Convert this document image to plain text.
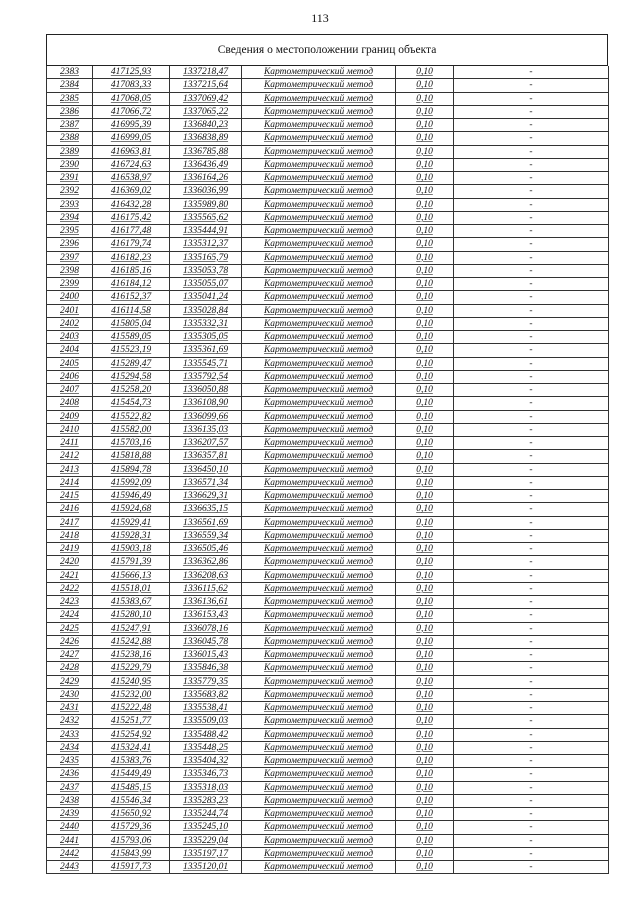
113
Сведения о местоположении границ объекта
2383	417125,93	1337218,47	Картометрический метод	0,10	-
2384	417083,33	1337215,64	Картометрический метод	0,10	-
2385	417068,05	1337069,42	Картометрический метод	0,10	-
2386	417066,72	1337065,22	Картометрический метод	0,10	-
2387	416995,39	1336840,23	Картометрический метод	0,10	-
2388	416999,05	1336838,89	Картометрический метод	0,10	-
2389	416963,81	1336785,88	Картометрический метод	0,10	-
2390	416724,63	1336436,49	Картометрический метод	0,10	-
2391	416538,97	1336164,26	Картометрический метод	0,10	-
2392	416369,02	1336036,99	Картометрический метод	0,10	-
2393	416432,28	1335989,80	Картометрический метод	0,10	-
2394	416175,42	1335565,62	Картометрический метод	0,10	-
2395	416177,48	1335444,91	Картометрический метод	0,10	-
2396	416179,74	1335312,37	Картометрический метод	0,10	-
2397	416182,23	1335165,79	Картометрический метод	0,10	-
2398	416185,16	1335053,78	Картометрический метод	0,10	-
2399	416184,12	1335055,07	Картометрический метод	0,10	-
2400	416152,37	1335041,24	Картометрический метод	0,10	-
2401	416114,58	1335028,84	Картометрический метод	0,10	-
2402	415805,04	1335332,31	Картометрический метод	0,10	-
2403	415589,05	1335305,05	Картометрический метод	0,10	-
2404	415523,19	1335361,69	Картометрический метод	0,10	-
2405	415289,47	1335545,71	Картометрический метод	0,10	-
2406	415294,58	1335792,54	Картометрический метод	0,10	-
2407	415258,20	1336050,88	Картометрический метод	0,10	-
2408	415454,73	1336108,90	Картометрический метод	0,10	-
2409	415522,82	1336099,66	Картометрический метод	0,10	-
2410	415582,00	1336135,03	Картометрический метод	0,10	-
2411	415703,16	1336207,57	Картометрический метод	0,10	-
2412	415818,88	1336357,81	Картометрический метод	0,10	-
2413	415894,78	1336450,10	Картометрический метод	0,10	-
2414	415992,09	1336571,34	Картометрический метод	0,10	-
2415	415946,49	1336629,31	Картометрический метод	0,10	-
2416	415924,68	1336635,15	Картометрический метод	0,10	-
2417	415929,41	1336561,69	Картометрический метод	0,10	-
2418	415928,31	1336559,34	Картометрический метод	0,10	-
2419	415903,18	1336505,46	Картометрический метод	0,10	-
2420	415791,39	1336362,86	Картометрический метод	0,10	-
2421	415666,13	1336208,63	Картометрический метод	0,10	-
2422	415518,01	1336115,62	Картометрический метод	0,10	-
2423	415383,67	1336136,61	Картометрический метод	0,10	-
2424	415280,10	1336153,43	Картометрический метод	0,10	-
2425	415247,91	1336078,16	Картометрический метод	0,10	-
2426	415242,88	1336045,78	Картометрический метод	0,10	-
2427	415238,16	1336015,43	Картометрический метод	0,10	-
2428	415229,79	1335846,38	Картометрический метод	0,10	-
2429	415240,95	1335779,35	Картометрический метод	0,10	-
2430	415232,00	1335683,82	Картометрический метод	0,10	-
2431	415222,48	1335538,41	Картометрический метод	0,10	-
2432	415251,77	1335509,03	Картометрический метод	0,10	-
2433	415254,92	1335488,42	Картометрический метод	0,10	-
2434	415324,41	1335448,25	Картометрический метод	0,10	-
2435	415383,76	1335404,32	Картометрический метод	0,10	-
2436	415449,49	1335346,73	Картометрический метод	0,10	-
2437	415485,15	1335318,03	Картометрический метод	0,10	-
2438	415546,34	1335283,23	Картометрический метод	0,10	-
2439	415650,92	1335244,74	Картометрический метод	0,10	-
2440	415729,36	1335245,10	Картометрический метод	0,10	-
2441	415793,06	1335229,04	Картометрический метод	0,10	-
2442	415843,99	1335197,17	Картометрический метод	0,10	-
2443	415917,73	1335120,01	Картометрический метод	0,10	-
